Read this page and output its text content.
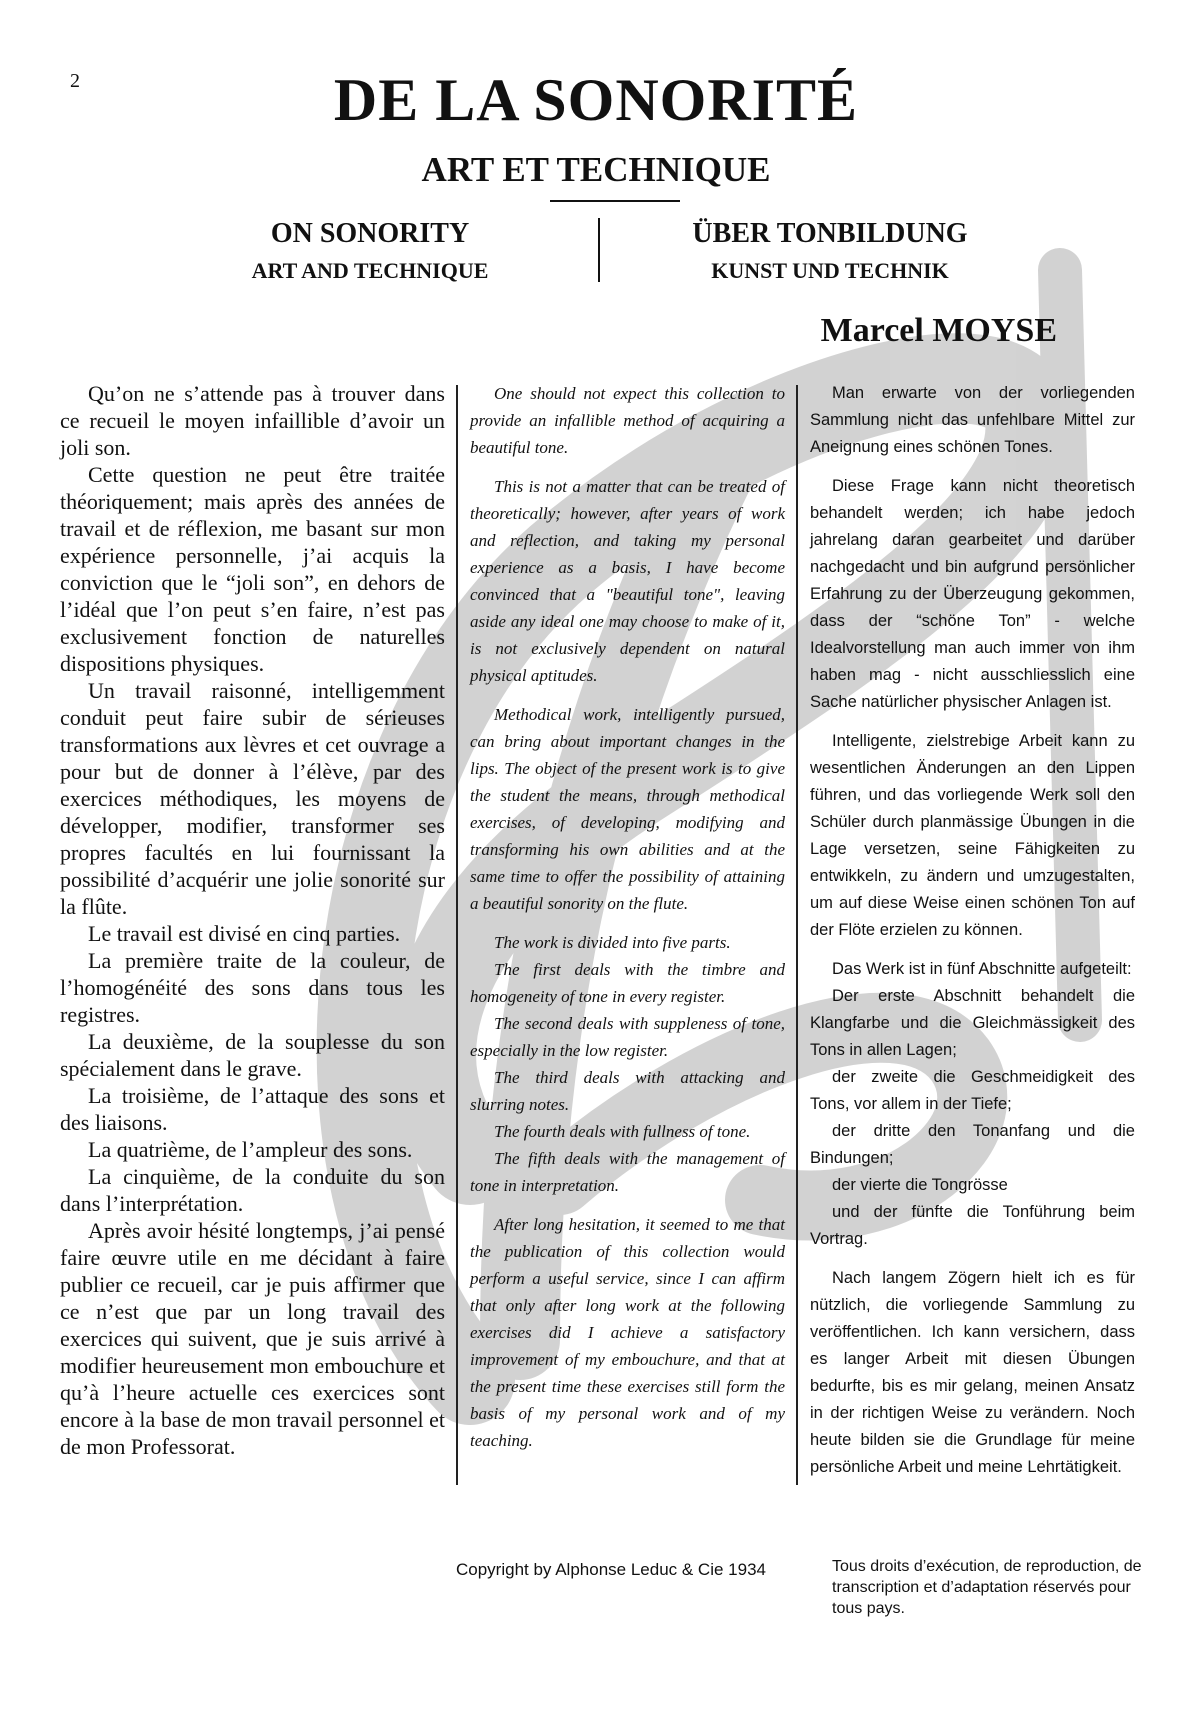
2	DE LA SONORITÉ
ART ET TECHNIQUE
ON SONORITY
ART AND TECHNIQUE
ÜBER TONBILDUNG
KUNST UND TECHNIK
Marcel MOYSE

Qu’on ne s’attende pas à trouver dans ce recueil le moyen infaillible d’avoir un joli son.

Cette question ne peut être traitée théoriquement; mais après des années de travail et de réflexion, me basant sur mon expérience personnelle, j’ai acquis la conviction que le “joli son”, en dehors de l’idéal que l’on peut s’en faire, n’est pas exclusivement fonction de naturelles dispositions physiques.

Un travail raisonné, intelligemment conduit peut faire subir de sérieuses transformations aux lèvres et cet ouvrage a pour but de donner à l’élève, par des exercices méthodiques, les moyens de développer, modifier, transformer ses propres facultés en lui fournissant la possibilité d’acquérir une jolie sonorité sur la flûte.

Le travail est divisé en cinq parties.

La première traite de la couleur, de l’homogénéité des sons dans tous les registres.

La deuxième, de la souplesse du son spécialement dans le grave.

La troisième, de l’attaque des sons et des liaisons.

La quatrième, de l’ampleur des sons.

La cinquième, de la conduite du son dans l’interprétation.

Après avoir hésité longtemps, j’ai pensé faire œuvre utile en me décidant à faire publier ce recueil, car je puis affirmer que ce n’est que par un long travail des exercices qui suivent, que je suis arrivé à modifier heureusement mon embouchure et qu’à l’heure actuelle ces exercices sont encore à la base de mon travail personnel et de mon Professorat.

One should not expect this collection to provide an infallible method of acquiring a beautiful tone.

This is not a matter that can be treated of theoretically; however, after years of work and reflection, and taking my personal experience as a basis, I have become convinced that a "beautiful tone", leaving aside any ideal one may choose to make of it, is not exclusively dependent on natural physical aptitudes.

Methodical work, intelligently pursued, can bring about important changes in the lips. The object of the present work is to give the student the means, through methodical exercises, of developing, modifying and transforming his own abilities and at the same time to offer the possibility of attaining a beautiful sonority on the flute.

The work is divided into five parts.

The first deals with the timbre and homogeneity of tone in every register.

The second deals with suppleness of tone, especially in the low register.

The third deals with attacking and slurring notes.

The fourth deals with fullness of tone.

The fifth deals with the management of tone in interpretation.

After long hesitation, it seemed to me that the publication of this collection would perform a useful service, since I can affirm that only after long work at the following exercises did I achieve a satisfactory improvement of my embouchure, and that at the present time these exercises still form the basis of my personal work and of my teaching.

Man erwarte von der vorliegenden Sammlung nicht das unfehlbare Mittel zur Aneignung eines schönen Tones.

Diese Frage kann nicht theoretisch behandelt werden; ich habe jedoch jahrelang daran gearbeitet und darüber nachgedacht und bin aufgrund persönlicher Erfahrung zu der Überzeugung gekommen, dass der “schöne Ton” - welche Idealvorstellung man auch immer von ihm haben mag - nicht ausschliesslich eine Sache natürlicher physischer Anlagen ist.

Intelligente, zielstrebige Arbeit kann zu wesentlichen Änderungen an den Lippen führen, und das vorliegende Werk soll den Schüler durch planmässige Übungen in die Lage versetzen, seine Fähigkeiten zu entwikkeln, zu ändern und umzugestalten, um auf diese Weise einen schönen Ton auf der Flöte erzielen zu können.

Das Werk ist in fünf Abschnitte aufgeteilt:

Der erste Abschnitt behandelt die Klangfarbe und die Gleichmässigkeit des Tons in allen Lagen;

der zweite die Geschmeidigkeit des Tons, vor allem in der Tiefe;

der dritte den Tonanfang und die Bindungen;

der vierte die Tongrösse

und der fünfte die Tonführung beim Vortrag.

Nach langem Zögern hielt ich es für nützlich, die vorliegende Sammlung zu veröffentlichen. Ich kann versichern, dass es langer Arbeit mit diesen Übungen bedurfte, bis es mir gelang, meinen Ansatz in der richtigen Weise zu verändern. Noch heute bilden sie die Grundlage für meine persönliche Arbeit und meine Lehrtätigkeit.

Copyright by Alphonse Leduc & Cie 1934	Tous droits d’exécution, de reproduction, de transcription et d’adaptation réservés pour tous pays.
